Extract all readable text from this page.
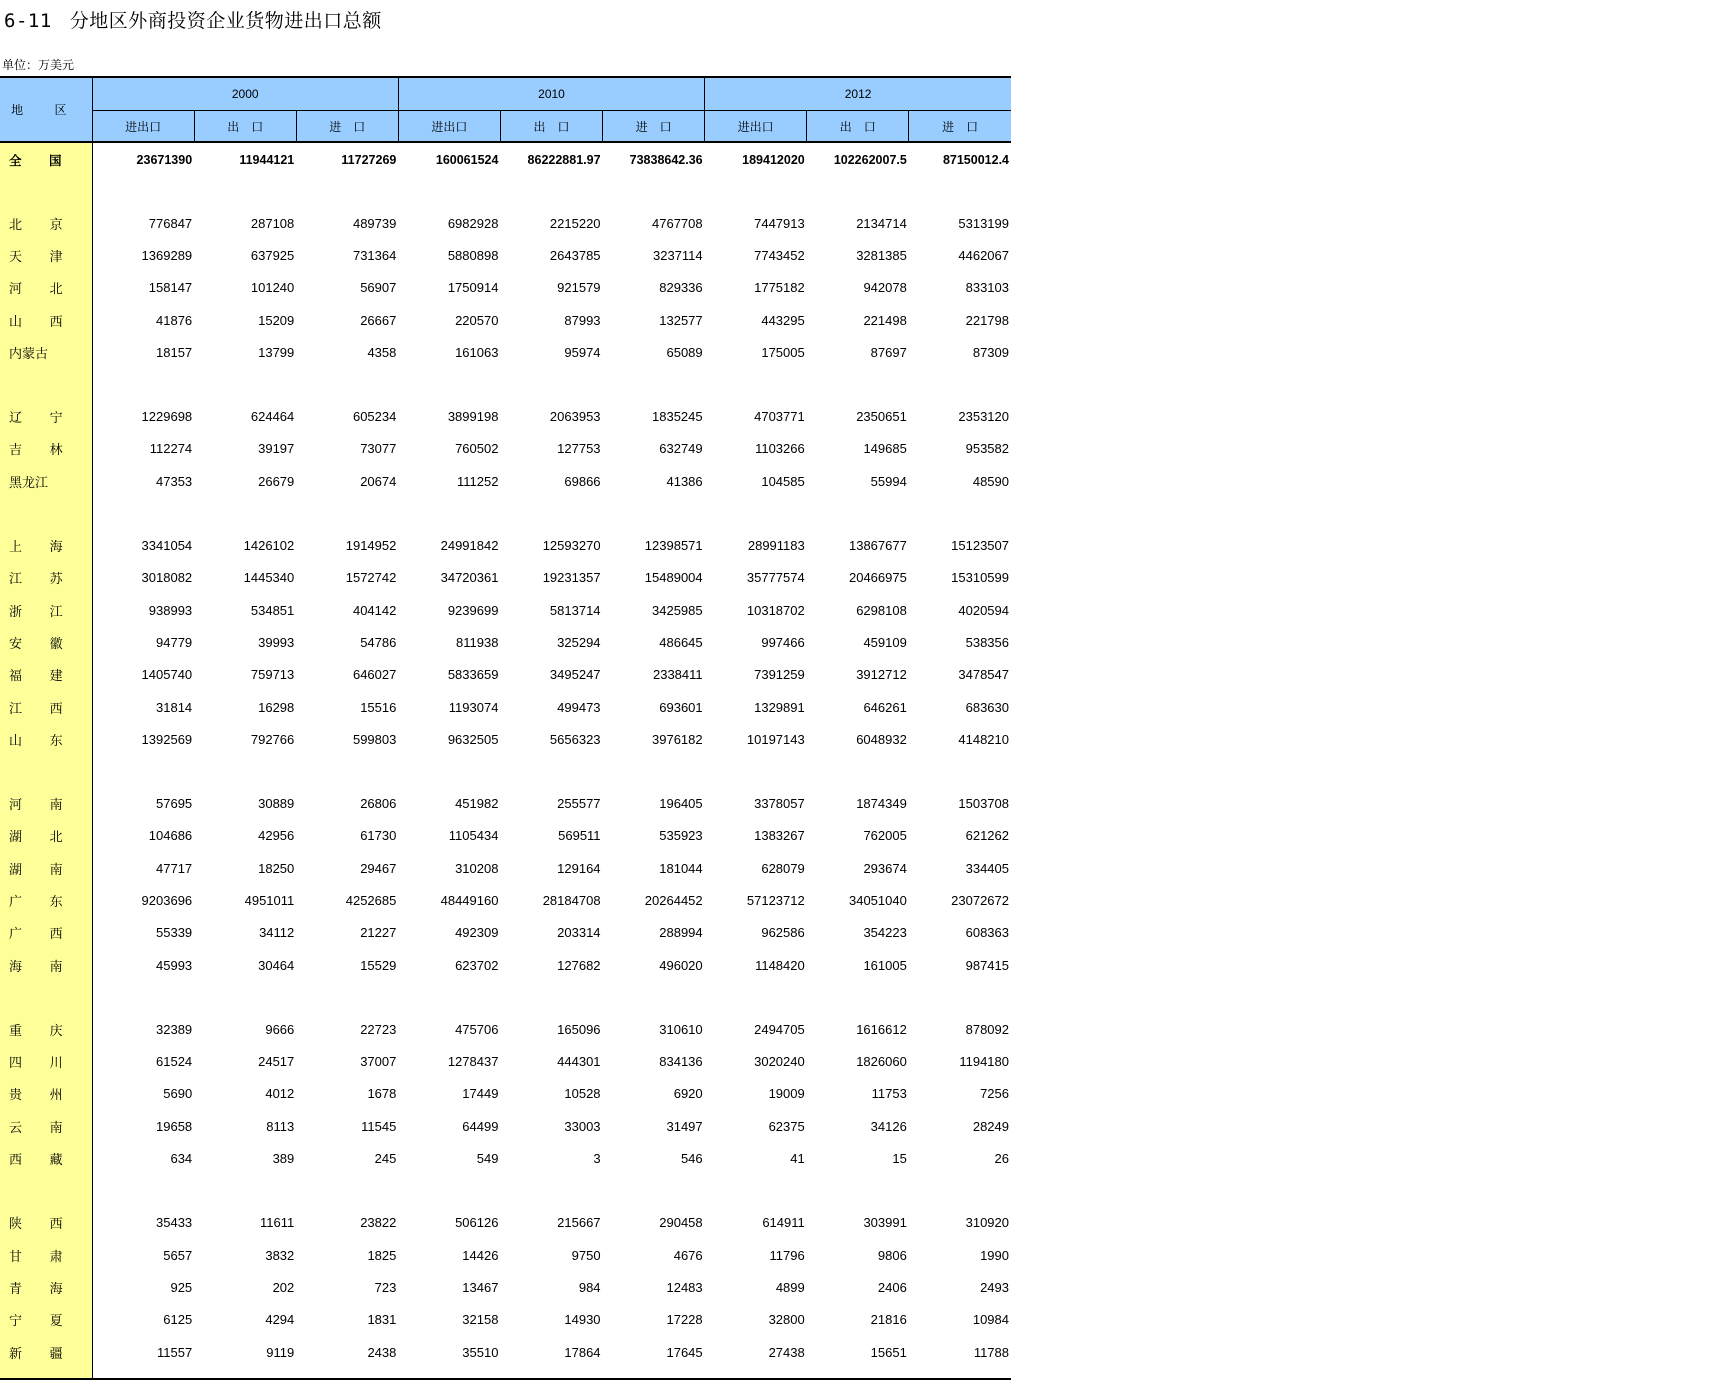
6-11 分地区外商投资企业货物进出口总额
单位：万美元
地 区	2000			2010			2012		
	进出口	出　口	进　口	进出口	出　口	进　口	进出口	出　口	进　口
全 国	23671390	11944121	11727269	160061524	86222881.97	73838642.36	189412020	102262007.5	87150012.4

北 京	776847	287108	489739	6982928	2215220	4767708	7447913	2134714	5313199
天 津	1369289	637925	731364	5880898	2643785	3237114	7743452	3281385	4462067
河 北	158147	101240	56907	1750914	921579	829336	1775182	942078	833103
山 西	41876	15209	26667	220570	87993	132577	443295	221498	221798
内蒙古	18157	13799	4358	161063	95974	65089	175005	87697	87309

辽 宁	1229698	624464	605234	3899198	2063953	1835245	4703771	2350651	2353120
吉 林	112274	39197	73077	760502	127753	632749	1103266	149685	953582
黑龙江	47353	26679	20674	111252	69866	41386	104585	55994	48590

上 海	3341054	1426102	1914952	24991842	12593270	12398571	28991183	13867677	15123507
江 苏	3018082	1445340	1572742	34720361	19231357	15489004	35777574	20466975	15310599
浙 江	938993	534851	404142	9239699	5813714	3425985	10318702	6298108	4020594
安 徽	94779	39993	54786	811938	325294	486645	997466	459109	538356
福 建	1405740	759713	646027	5833659	3495247	2338411	7391259	3912712	3478547
江 西	31814	16298	15516	1193074	499473	693601	1329891	646261	683630
山 东	1392569	792766	599803	9632505	5656323	3976182	10197143	6048932	4148210

河 南	57695	30889	26806	451982	255577	196405	3378057	1874349	1503708
湖 北	104686	42956	61730	1105434	569511	535923	1383267	762005	621262
湖 南	47717	18250	29467	310208	129164	181044	628079	293674	334405
广 东	9203696	4951011	4252685	48449160	28184708	20264452	57123712	34051040	23072672
广 西	55339	34112	21227	492309	203314	288994	962586	354223	608363
海 南	45993	30464	15529	623702	127682	496020	1148420	161005	987415

重 庆	32389	9666	22723	475706	165096	310610	2494705	1616612	878092
四 川	61524	24517	37007	1278437	444301	834136	3020240	1826060	1194180
贵 州	5690	4012	1678	17449	10528	6920	19009	11753	7256
云 南	19658	8113	11545	64499	33003	31497	62375	34126	28249
西 藏	634	389	245	549	3	546	41	15	26

陕 西	35433	11611	23822	506126	215667	290458	614911	303991	310920
甘 肃	5657	3832	1825	14426	9750	4676	11796	9806	1990
青 海	925	202	723	13467	984	12483	4899	2406	2493
宁 夏	6125	4294	1831	32158	14930	17228	32800	21816	10984
新 疆	11557	9119	2438	35510	17864	17645	27438	15651	11788
